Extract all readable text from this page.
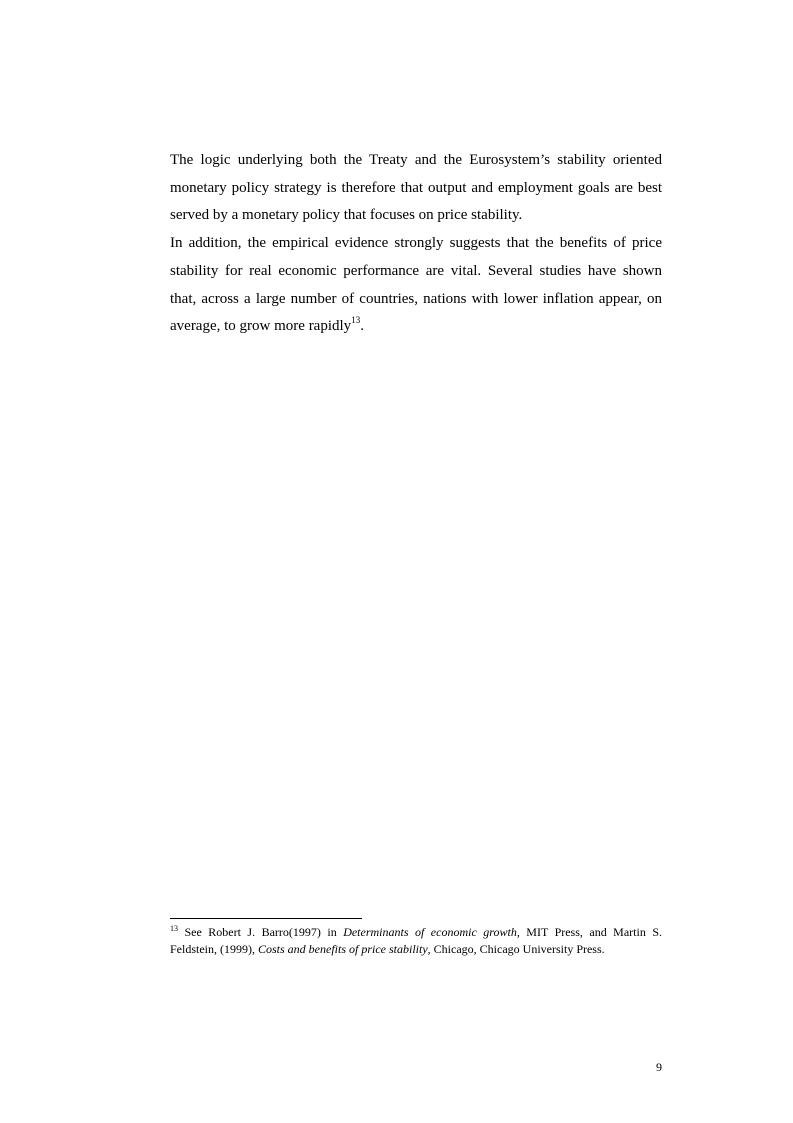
The logic underlying both the Treaty and the Eurosystem’s stability oriented monetary policy strategy is therefore that output and employment goals are best served by a monetary policy that focuses on price stability.

In addition, the empirical evidence strongly suggests that the benefits of price stability for real economic performance are vital. Several studies have shown that, across a large number of countries, nations with lower inflation appear, on average, to grow more rapidly$^{13}$.

$^{13}$ See Robert J. Barro(1997) in Determinants of economic growth, MIT Press, and Martin S. Feldstein, (1999), Costs and benefits of price stability, Chicago, Chicago University Press.
9
